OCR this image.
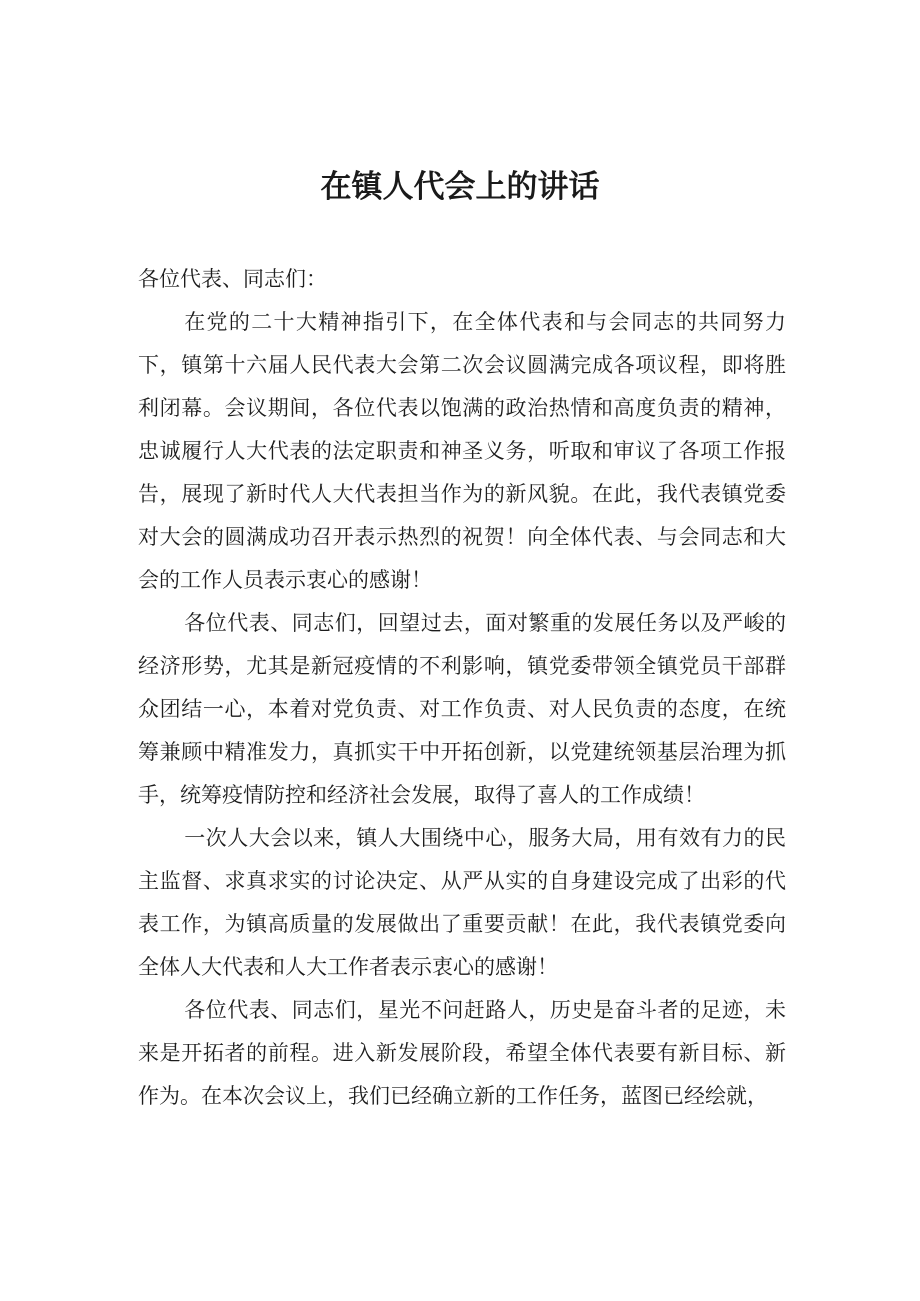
在镇人代会上的讲话

各位代表、同志们：

在党的二十大精神指引下，在全体代表和与会同志的共同努力下，镇第十六届人民代表大会第二次会议圆满完成各项议程，即将胜利闭幕。会议期间，各位代表以饱满的政治热情和高度负责的精神，忠诚履行人大代表的法定职责和神圣义务，听取和审议了各项工作报告，展现了新时代人大代表担当作为的新风貌。在此，我代表镇党委对大会的圆满成功召开表示热烈的祝贺！向全体代表、与会同志和大会的工作人员表示衷心的感谢！

各位代表、同志们，回望过去，面对繁重的发展任务以及严峻的经济形势，尤其是新冠疫情的不利影响，镇党委带领全镇党员干部群众团结一心，本着对党负责、对工作负责、对人民负责的态度，在统筹兼顾中精准发力，真抓实干中开拓创新，以党建统领基层治理为抓手，统筹疫情防控和经济社会发展，取得了喜人的工作成绩！

一次人大会以来，镇人大围绕中心，服务大局，用有效有力的民主监督、求真求实的讨论决定、从严从实的自身建设完成了出彩的代表工作，为镇高质量的发展做出了重要贡献！在此，我代表镇党委向全体人大代表和人大工作者表示衷心的感谢！

各位代表、同志们，星光不问赶路人，历史是奋斗者的足迹，未来是开拓者的前程。进入新发展阶段，希望全体代表要有新目标、新作为。在本次会议上，我们已经确立新的工作任务，蓝图已经绘就，
